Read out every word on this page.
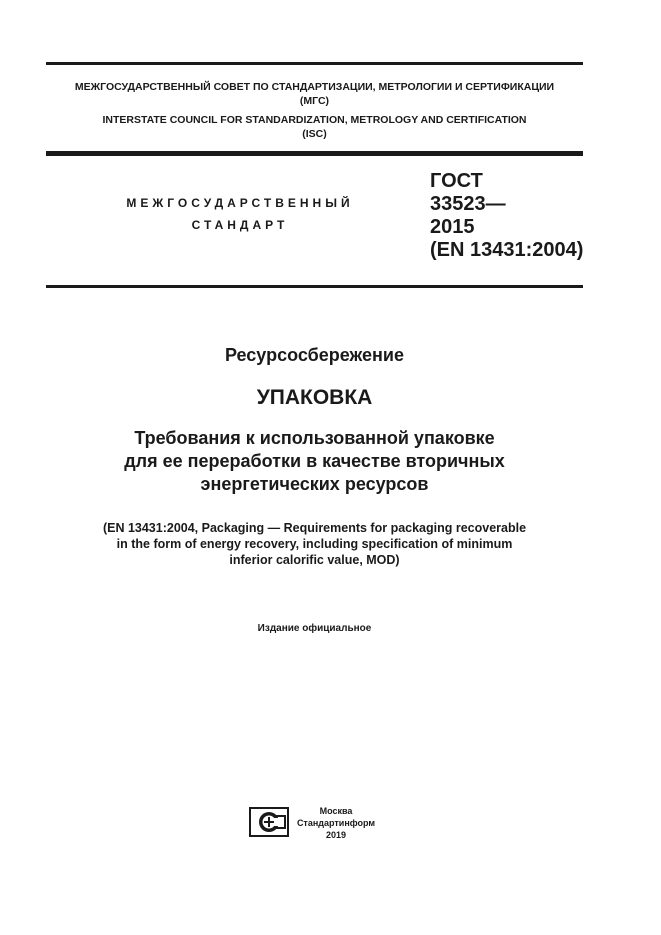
МЕЖГОСУДАРСТВЕННЫЙ СОВЕТ ПО СТАНДАРТИЗАЦИИ, МЕТРОЛОГИИ И СЕРТИФИКАЦИИ
(МГС)
INTERSTATE COUNCIL FOR STANDARDIZATION, METROLOGY AND CERTIFICATION
(ISC)
МЕЖГОСУДАРСТВЕННЫЙ
СТАНДАРТ
ГОСТ
33523—
2015
(EN 13431:2004)
Ресурсосбережение
УПАКОВКА
Требования к использованной упаковке
для ее переработки в качестве вторичных
энергетических ресурсов
(EN 13431:2004, Packaging — Requirements for packaging recoverable
in the form of energy recovery, including specification of minimum
inferior calorific value, MOD)
Издание официальное
Москва
Стандартинформ
2019
